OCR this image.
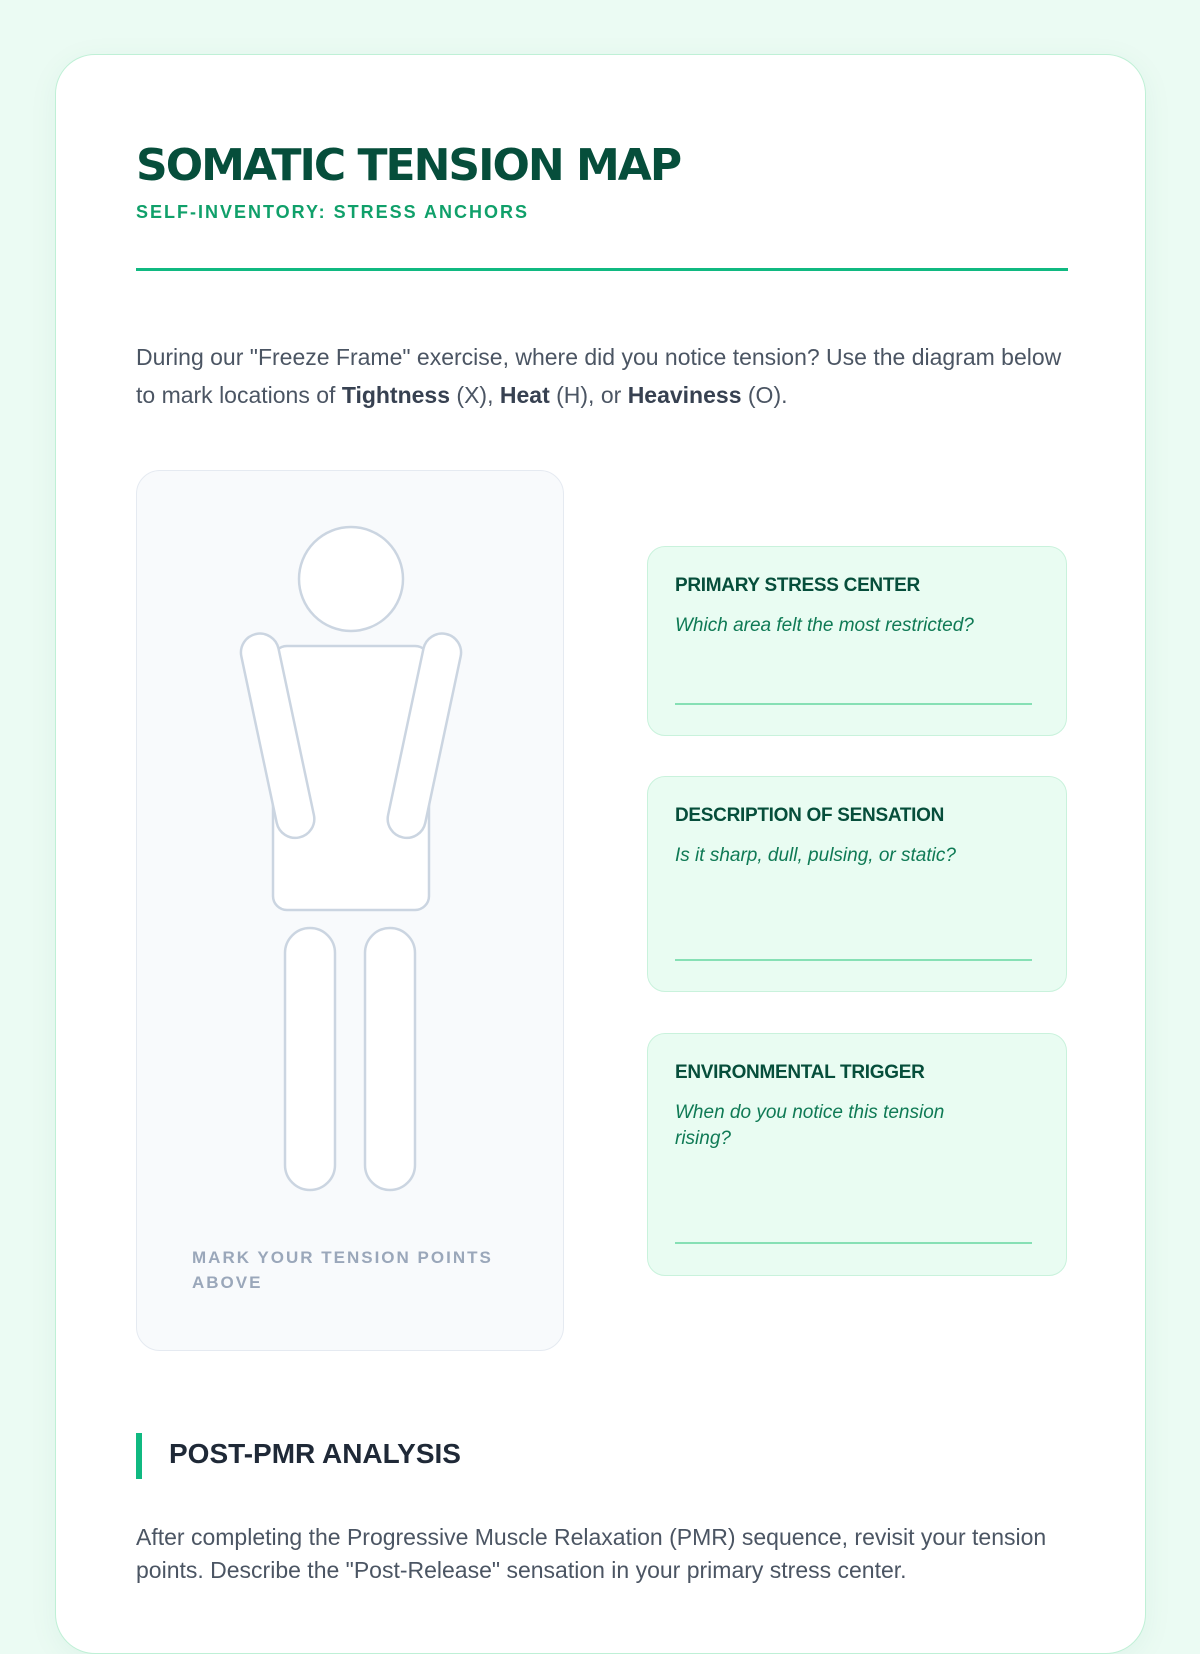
SOMATIC TENSION MAP
SELF-INVENTORY: STRESS ANCHORS

During our "Freeze Frame" exercise, where did you notice tension? Use the diagram below to mark locations of Tightness (X), Heat (H), or Heaviness (O).

MARK YOUR TENSION POINTS ABOVE
PRIMARY STRESS CENTER
Which area felt the most restricted?
DESCRIPTION OF SENSATION
Is it sharp, dull, pulsing, or static?
ENVIRONMENTAL TRIGGER
When do you notice this tension rising?
POST-PMR ANALYSIS

After completing the Progressive Muscle Relaxation (PMR) sequence, revisit your tension points. Describe the "Post-Release" sensation in your primary stress center.
